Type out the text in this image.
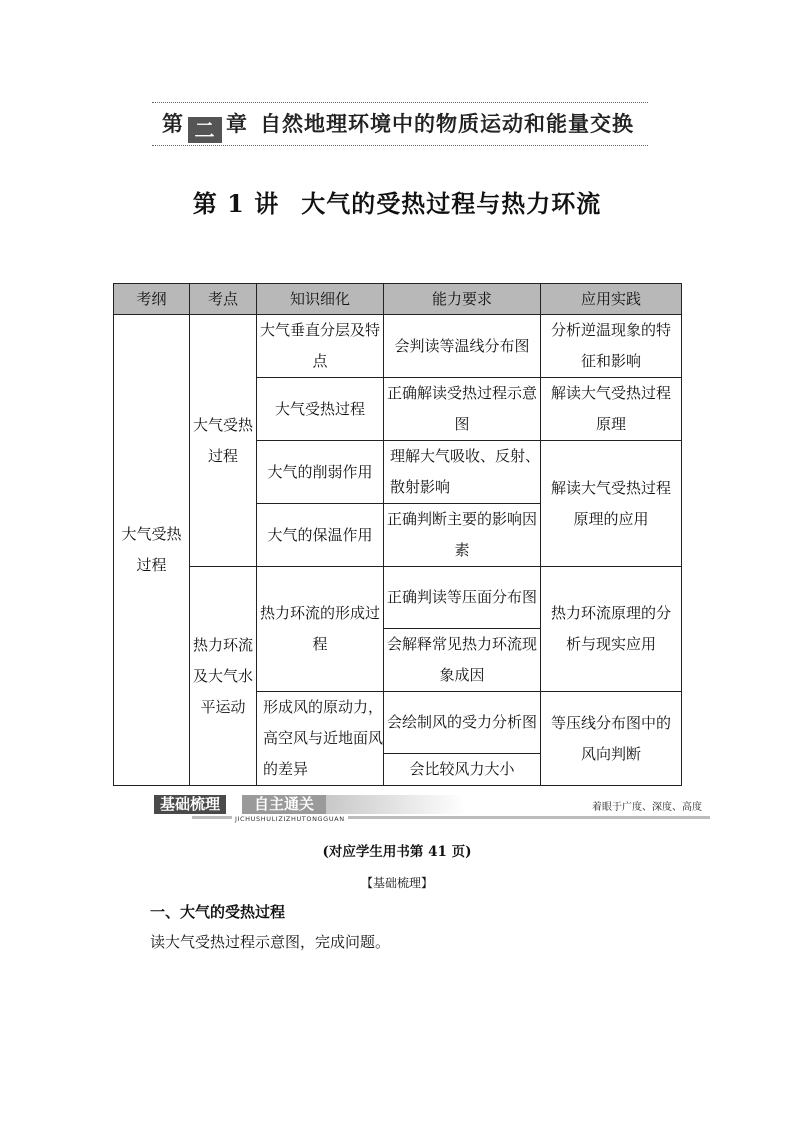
第 二 章 自然地理环境中的物质运动和能量交换
第 1 讲 大气的受热过程与热力环流
考纲	考点	知识细化	能力要求	应用实践
大气受热过程	大气受热过程	大气垂直分层及特点	会判读等温线分布图	分析逆温现象的特征和影响
		大气受热过程	正确解读受热过程示意图	解读大气受热过程原理
		大气的削弱作用	理解大气吸收、反射、散射影响	解读大气受热过程原理的应用
		大气的保温作用	正确判断主要的影响因素	
	热力环流及大气水平运动	热力环流的形成过程	正确判读等压面分布图	热力环流原理的分析与现实应用
			会解释常见热力环流现象成因	
		形成风的原动力，高空风与近地面风的差异	会绘制风的受力分析图	等压线分布图中的风向判断
			会比较风力大小	
基础梳理	自主通关
JICHUSHULIZIZHUTONGGUAN
着眼于广度、深度、高度
(对应学生用书第 41 页)
【基础梳理】
一、大气的受热过程
读大气受热过程示意图，完成问题。
